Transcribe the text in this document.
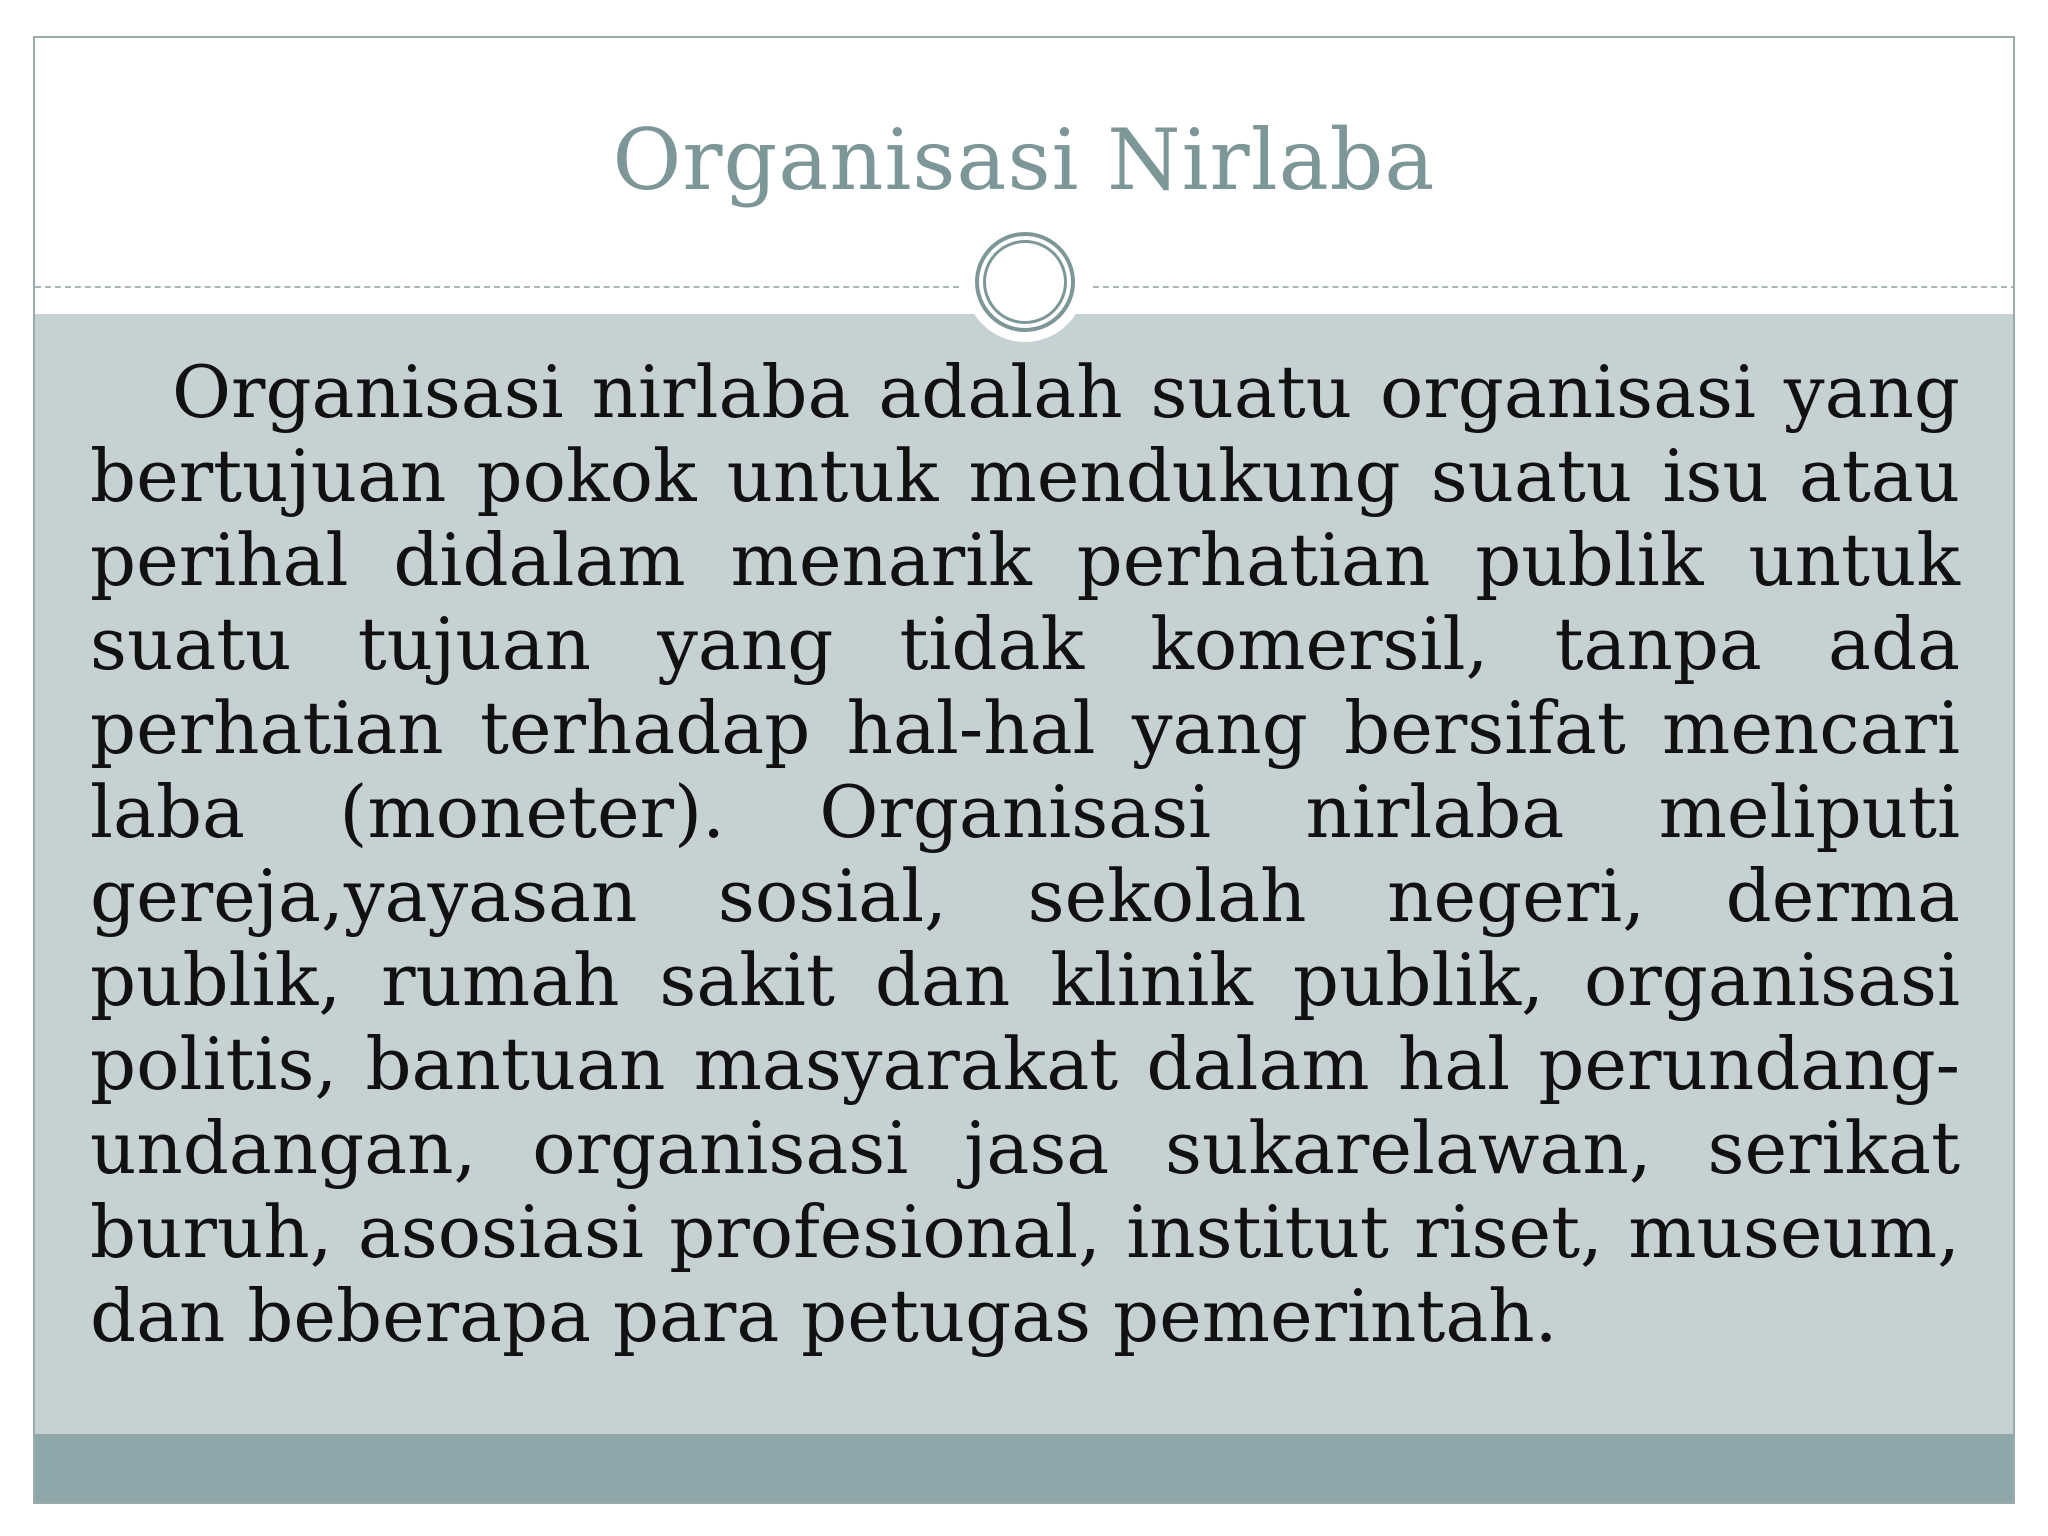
Organisasi Nirlaba

Organisasi nirlaba adalah suatu organisasi yang bertujuan pokok untuk mendukung suatu isu atau perihal didalam menarik perhatian publik untuk suatu tujuan yang tidak komersil, tanpa ada perhatian terhadap hal-hal yang bersifat mencari laba (moneter). Organisasi nirlaba meliputi gereja,yayasan sosial, sekolah negeri, derma publik, rumah sakit dan klinik publik, organisasi politis, bantuan masyarakat dalam hal perundang-undangan, organisasi jasa sukarelawan, serikat buruh, asosiasi profesional, institut riset, museum, dan beberapa para petugas pemerintah.
